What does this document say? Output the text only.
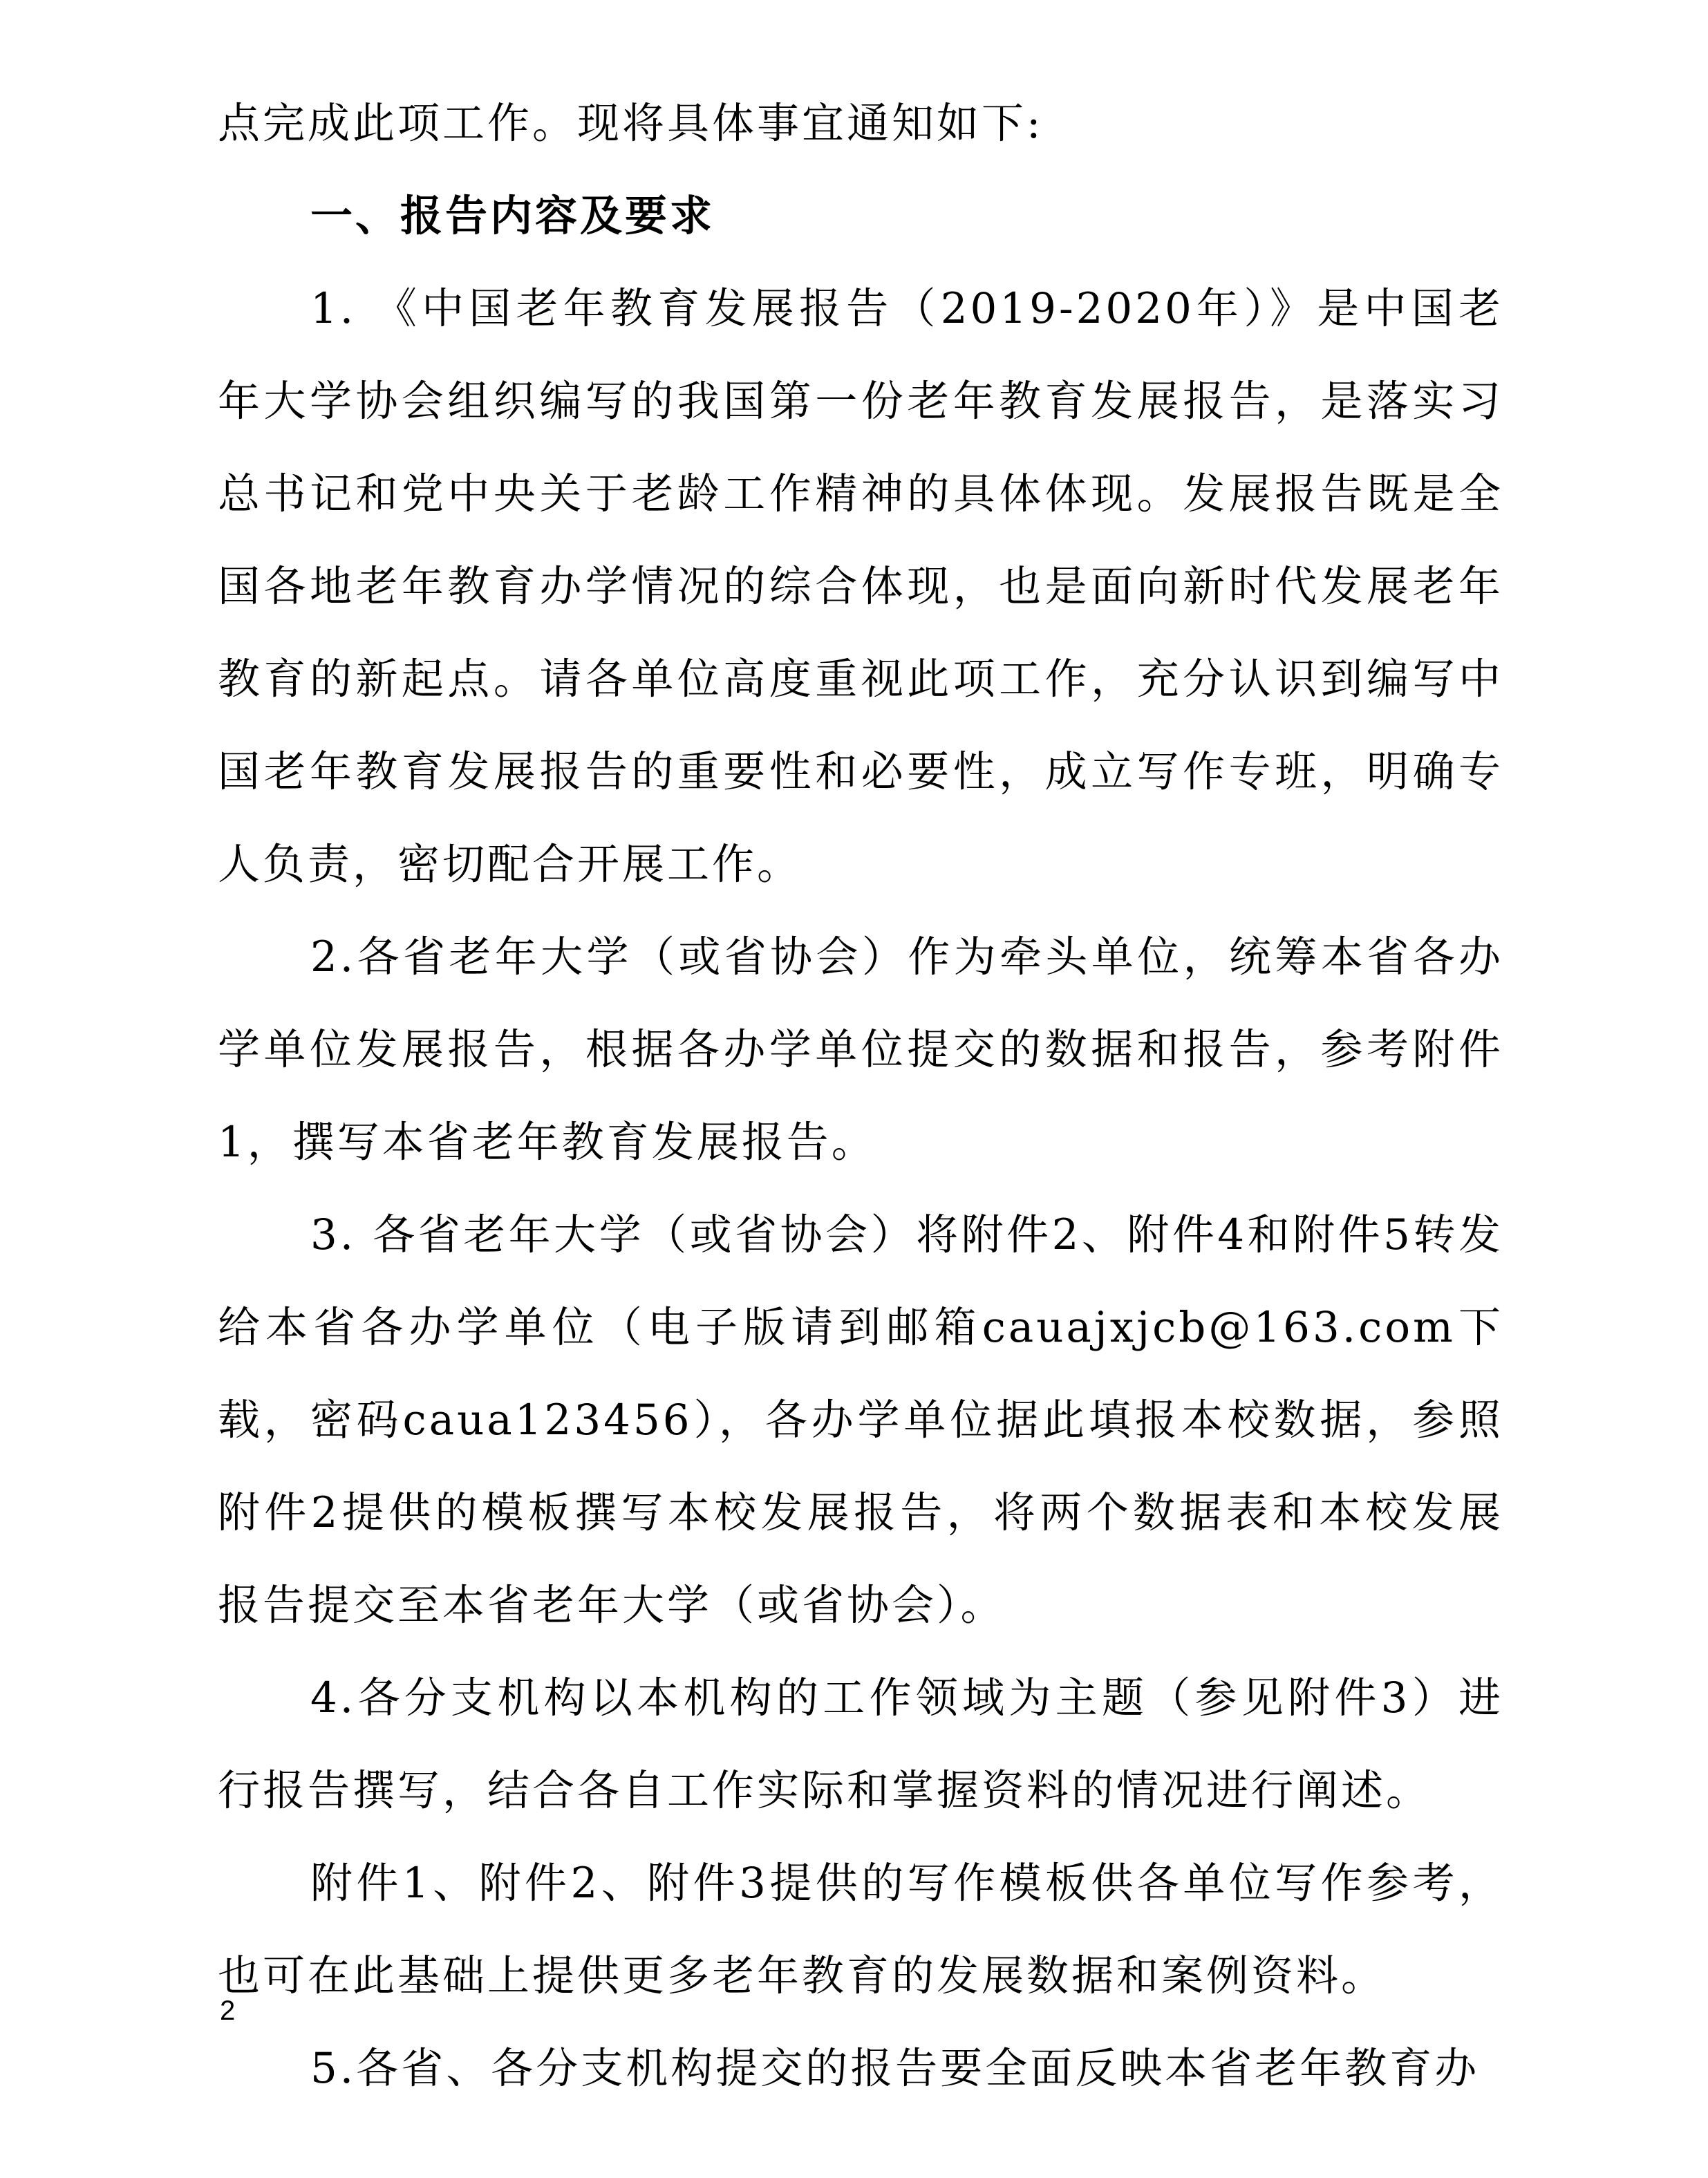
点完成此项工作。现将具体事宜通知如下:

一、报告内容及要求

1. 《中国老年教育发展报告（2019-2020年）》是中国老年大学协会组织编写的我国第一份老年教育发展报告，是落实习总书记和党中央关于老龄工作精神的具体体现。发展报告既是全国各地老年教育办学情况的综合体现，也是面向新时代发展老年教育的新起点。请各单位高度重视此项工作，充分认识到编写中国老年教育发展报告的重要性和必要性，成立写作专班，明确专人负责，密切配合开展工作。

2.各省老年大学（或省协会）作为牵头单位，统筹本省各办学单位发展报告，根据各办学单位提交的数据和报告，参考附件1，撰写本省老年教育发展报告。

3. 各省老年大学（或省协会）将附件2、附件4和附件5转发给本省各办学单位（电子版请到邮箱cauajxjcb@163.com下载，密码caua123456），各办学单位据此填报本校数据，参照附件2提供的模板撰写本校发展报告，将两个数据表和本校发展报告提交至本省老年大学（或省协会）。

4.各分支机构以本机构的工作领域为主题（参见附件3）进行报告撰写，结合各自工作实际和掌握资料的情况进行阐述。

附件1、附件2、附件3提供的写作模板供各单位写作参考，也可在此基础上提供更多老年教育的发展数据和案例资料。

5.各省、各分支机构提交的报告要全面反映本省老年教育办

2
